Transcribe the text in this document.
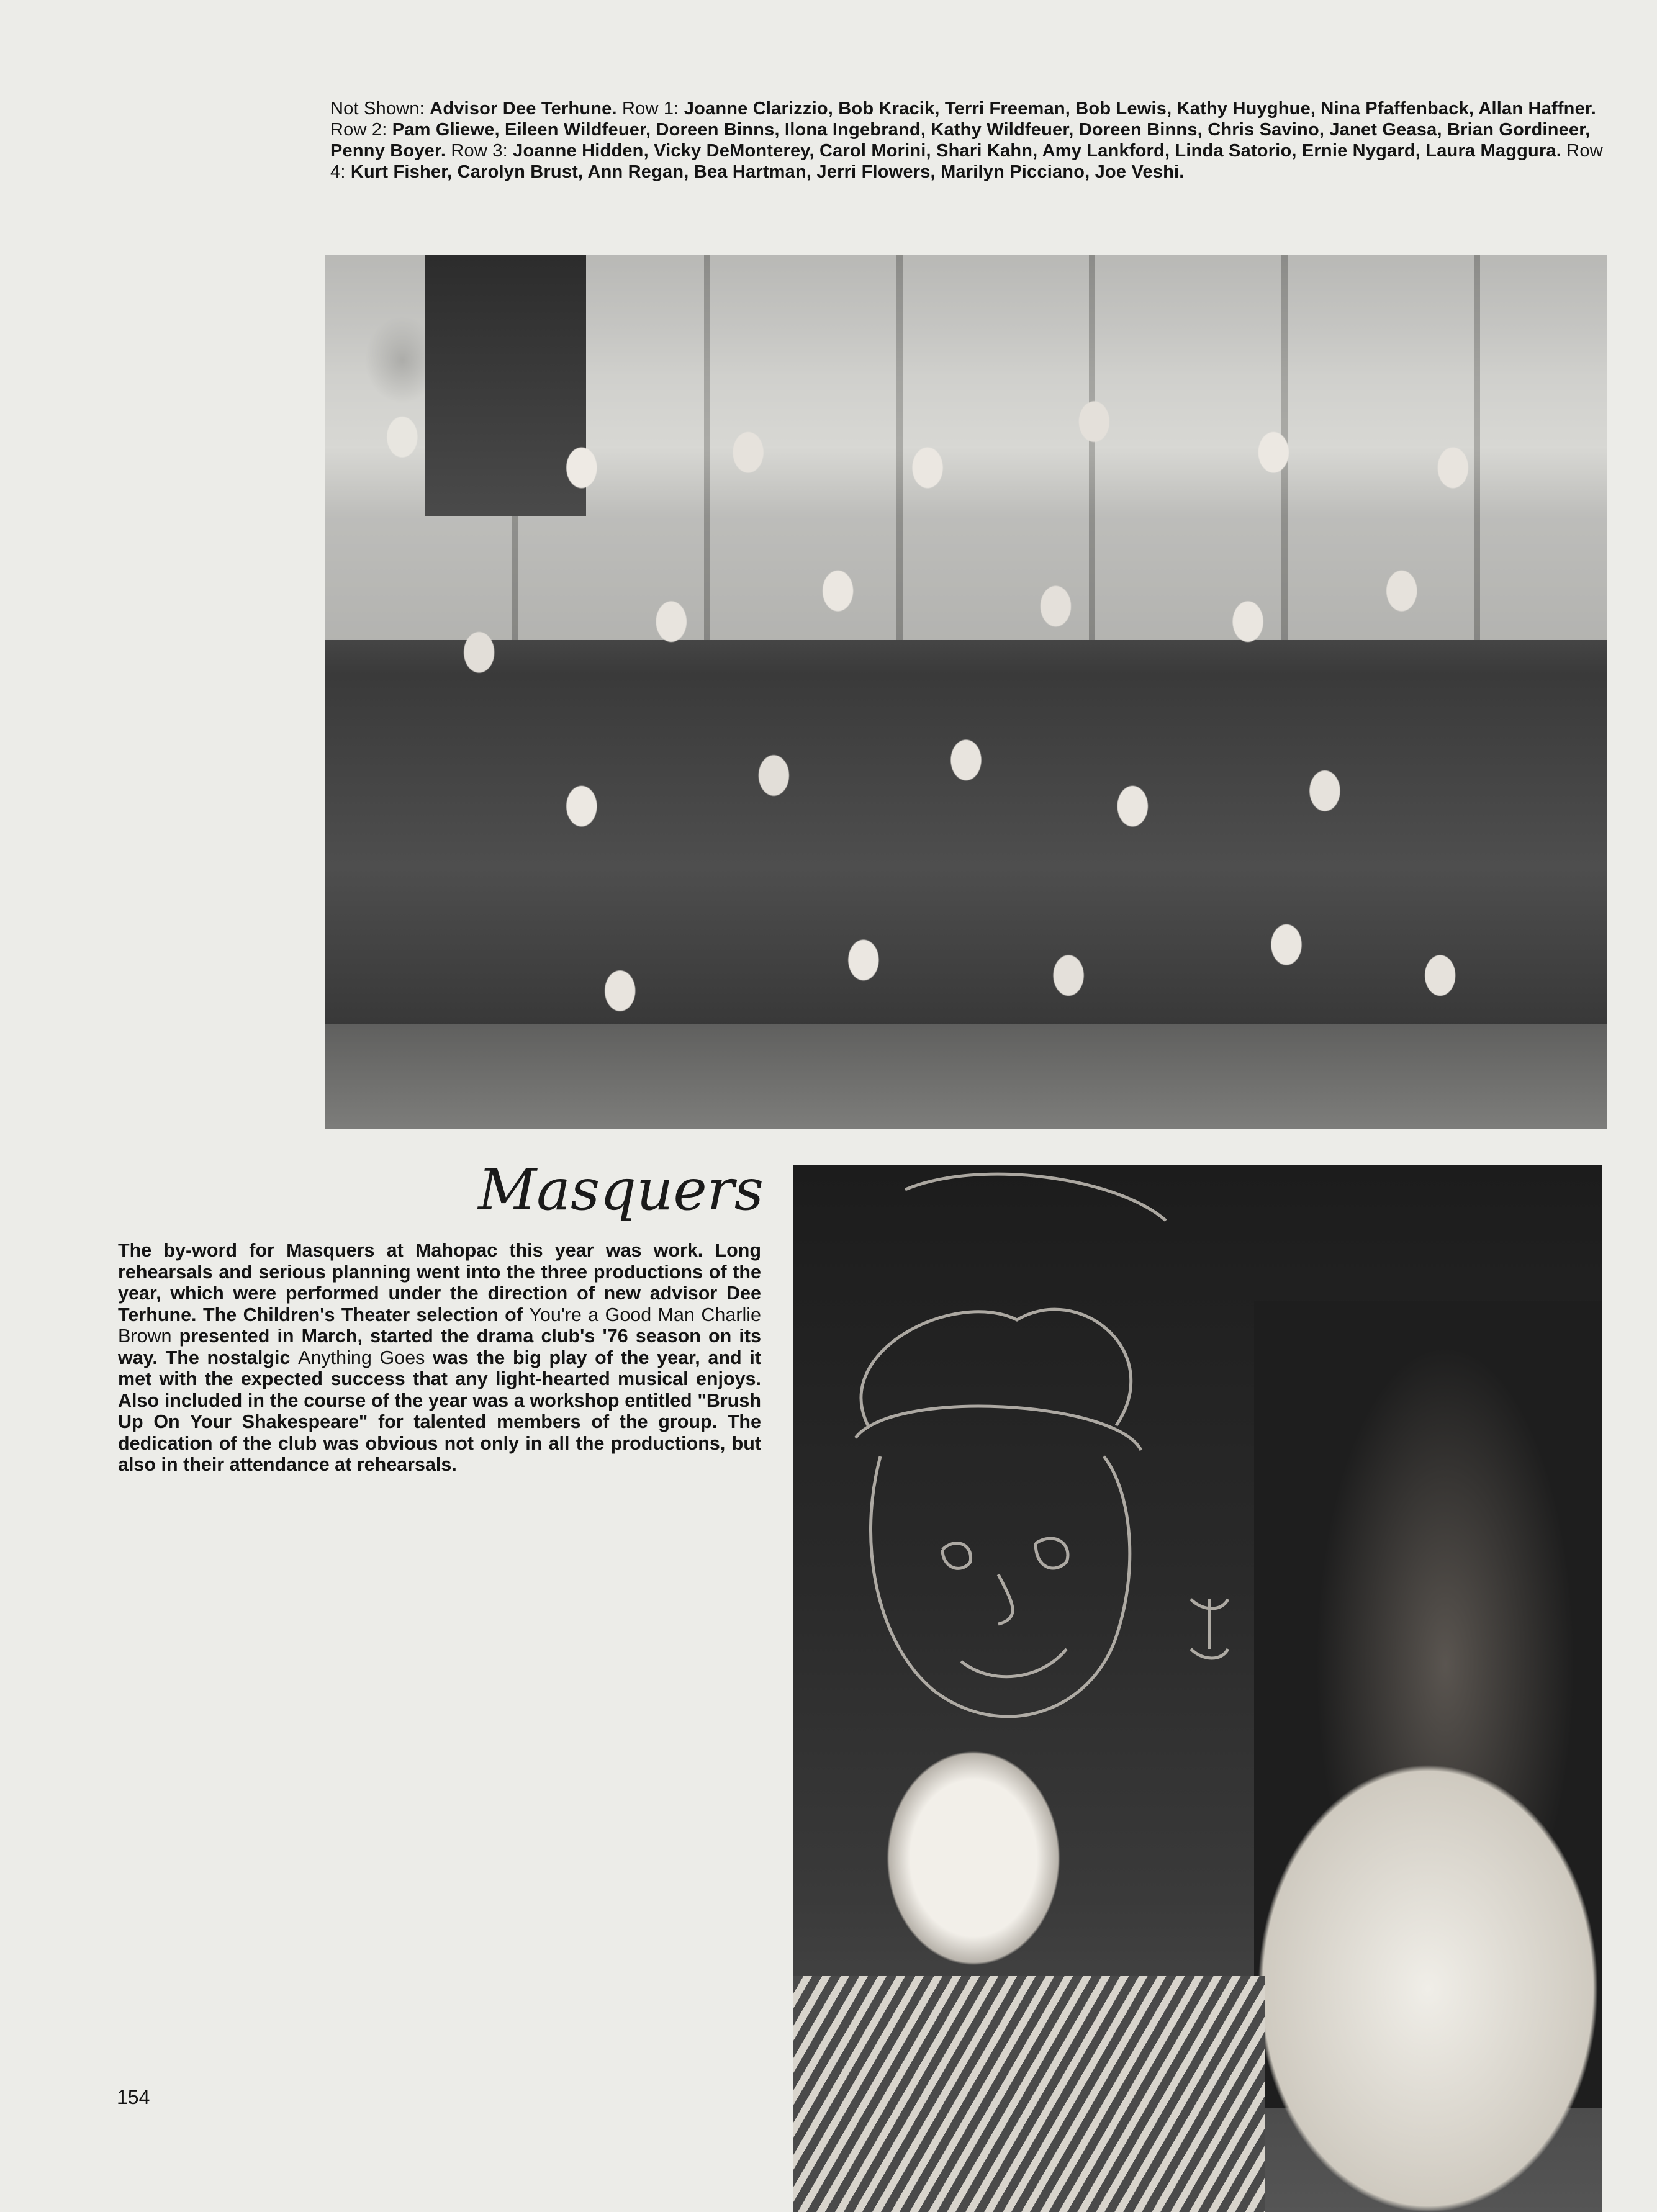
Not Shown: Advisor Dee Terhune. Row 1: Joanne Clarizzio, Bob Kracik, Terri Freeman, Bob Lewis, Kathy Huyghue, Nina Pfaffenback, Allan Haffner. Row 2: Pam Gliewe, Eileen Wildfeuer, Doreen Binns, Ilona Ingebrand, Kathy Wildfeuer, Doreen Binns, Chris Savino, Janet Geasa, Brian Gordineer, Penny Boyer. Row 3: Joanne Hidden, Vicky DeMonterey, Carol Morini, Shari Kahn, Amy Lankford, Linda Satorio, Ernie Nygard, Laura Maggura. Row 4: Kurt Fisher, Carolyn Brust, Ann Regan, Bea Hartman, Jerri Flowers, Marilyn Picciano, Joe Veshi.

Masquers

The by-word for Masquers at Mahopac this year was work. Long rehearsals and serious planning went into the three productions of the year, which were performed under the direction of new advisor Dee Terhune. The Children's Theater selection of You're a Good Man Charlie Brown presented in March, started the drama club's '76 season on its way. The nostalgic Anything Goes was the big play of the year, and it met with the expected success that any light-hearted musical enjoys. Also included in the course of the year was a workshop entitled "Brush Up On Your Shakespeare" for talented members of the group. The dedication of the club was obvious not only in all the productions, but also in their attendance at rehearsals.

154
